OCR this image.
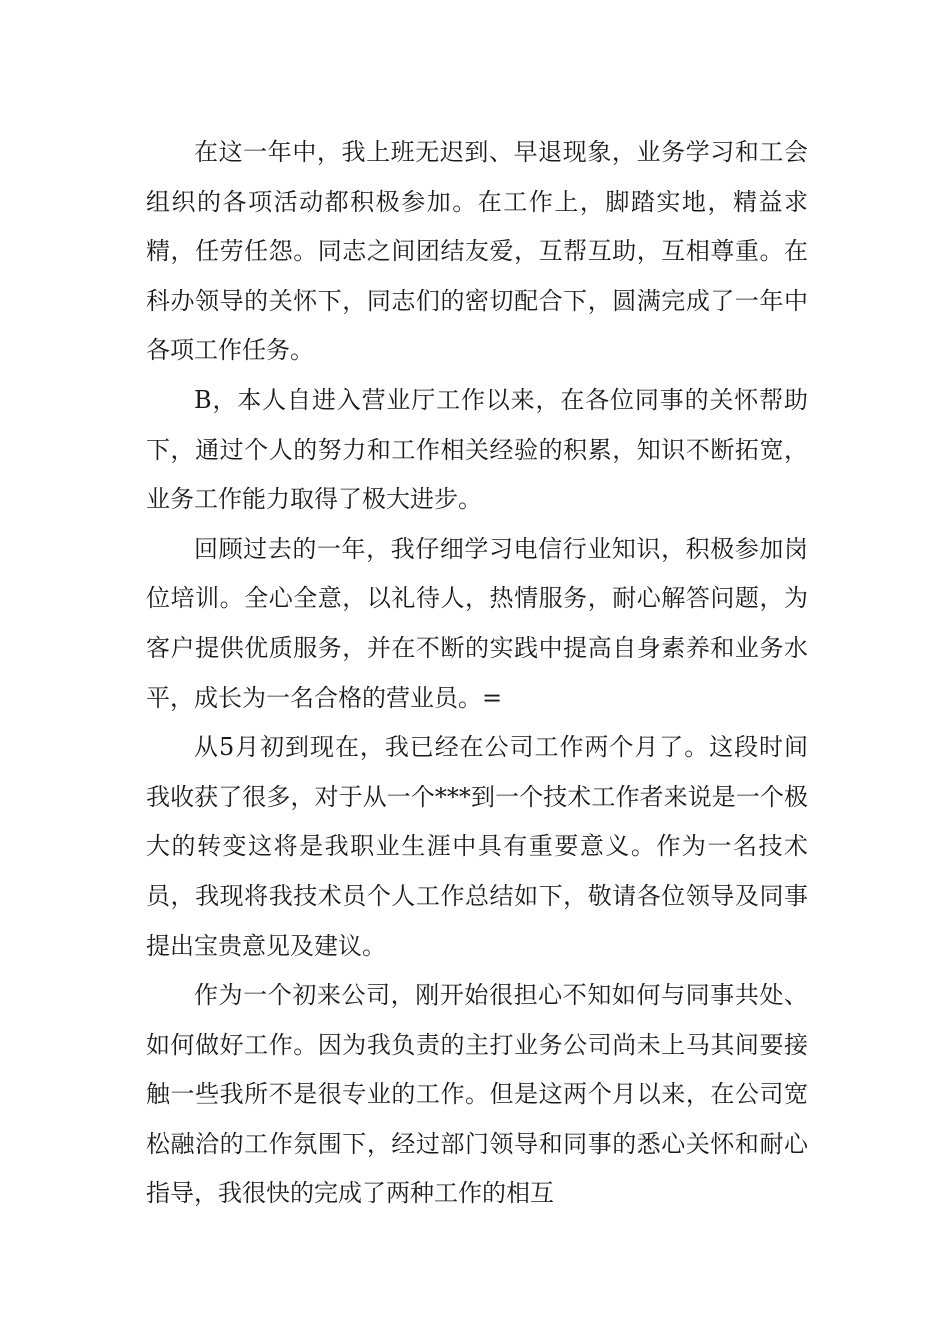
在这一年中，我上班无迟到、早退现象，业务学习和工会组织的各项活动都积极参加。在工作上，脚踏实地，精益求精，任劳任怨。同志之间团结友爱，互帮互助，互相尊重。在科办领导的关怀下，同志们的密切配合下，圆满完成了一年中各项工作任务。

B，本人自进入营业厅工作以来，在各位同事的关怀帮助下，通过个人的努力和工作相关经验的积累，知识不断拓宽，业务工作能力取得了极大进步。

回顾过去的一年，我仔细学习电信行业知识，积极参加岗位培训。全心全意，以礼待人，热情服务，耐心解答问题，为客户提供优质服务，并在不断的实践中提高自身素养和业务水平，成长为一名合格的营业员。=

从5月初到现在，我已经在公司工作两个月了。这段时间我收获了很多，对于从一个***到一个技术工作者来说是一个极大的转变这将是我职业生涯中具有重要意义。作为一名技术员，我现将我技术员个人工作总结如下，敬请各位领导及同事提出宝贵意见及建议。

作为一个初来公司，刚开始很担心不知如何与同事共处、如何做好工作。因为我负责的主打业务公司尚未上马其间要接触一些我所不是很专业的工作。但是这两个月以来，在公司宽松融洽的工作氛围下，经过部门领导和同事的悉心关怀和耐心指导，我很快的完成了两种工作的相互
